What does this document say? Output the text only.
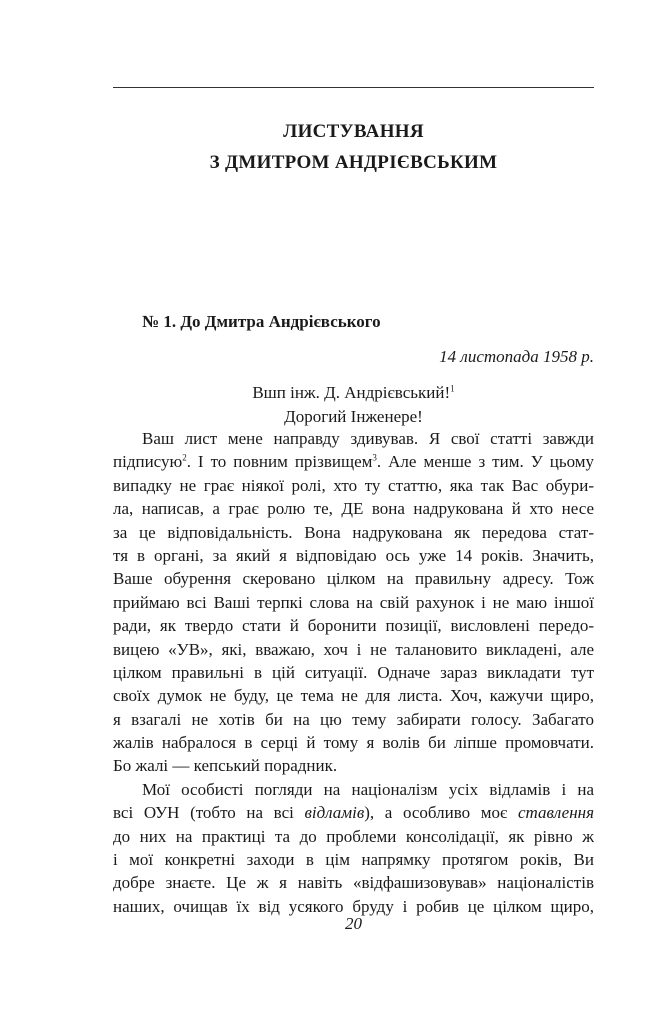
ЛИСТУВАННЯ
З ДМИТРОМ АНДРІЄВСЬКИМ
№ 1. До Дмитра Андрієвського
14 листопада 1958 р.
Вшп інж. Д. Андрієвський!$^1$
Дорогий Інженере!
Ваш лист мене направду здивував. Я свої статті завжди
підписую$^2$. І то повним прізвищем$^3$. Але менше з тим. У цьому
випадку не грає ніякої ролі, хто ту статтю, яка так Вас обури-
ла, написав, а грає ролю те, ДЕ вона надрукована й хто несе
за це відповідальність. Вона надрукована як передова стат-
тя в органі, за який я відповідаю ось уже 14 років. Значить,
Ваше обурення скеровано цілком на правильну адресу. Тож
приймаю всі Ваші терпкі слова на свій рахунок і не маю іншої
ради, як твердо стати й боронити позиції, висловлені передо-
вицею «УВ», які, вважаю, хоч і не талановито викладені, але
цілком правильні в цій ситуації. Одначе зараз викладати тут
своїх думок не буду, це тема не для листа. Хоч, кажучи щиро,
я взагалі не хотів би на цю тему забирати голосу. Забагато
жалів набралося в серці й тому я волів би ліпше промовчати.
Бо жалі — кепський порадник.
Мої особисті погляди на націоналізм усіх відламів і на
всі ОУН (тобто на всі відламів), а особливо моє ставлення
до них на практиці та до проблеми консолідації, як рівно ж
і мої конкретні заходи в цім напрямку протягом років, Ви
добре знаєте. Це ж я навіть «відфашизовував» націоналістів
наших, очищав їх від усякого бруду і робив це цілком щиро,
20
